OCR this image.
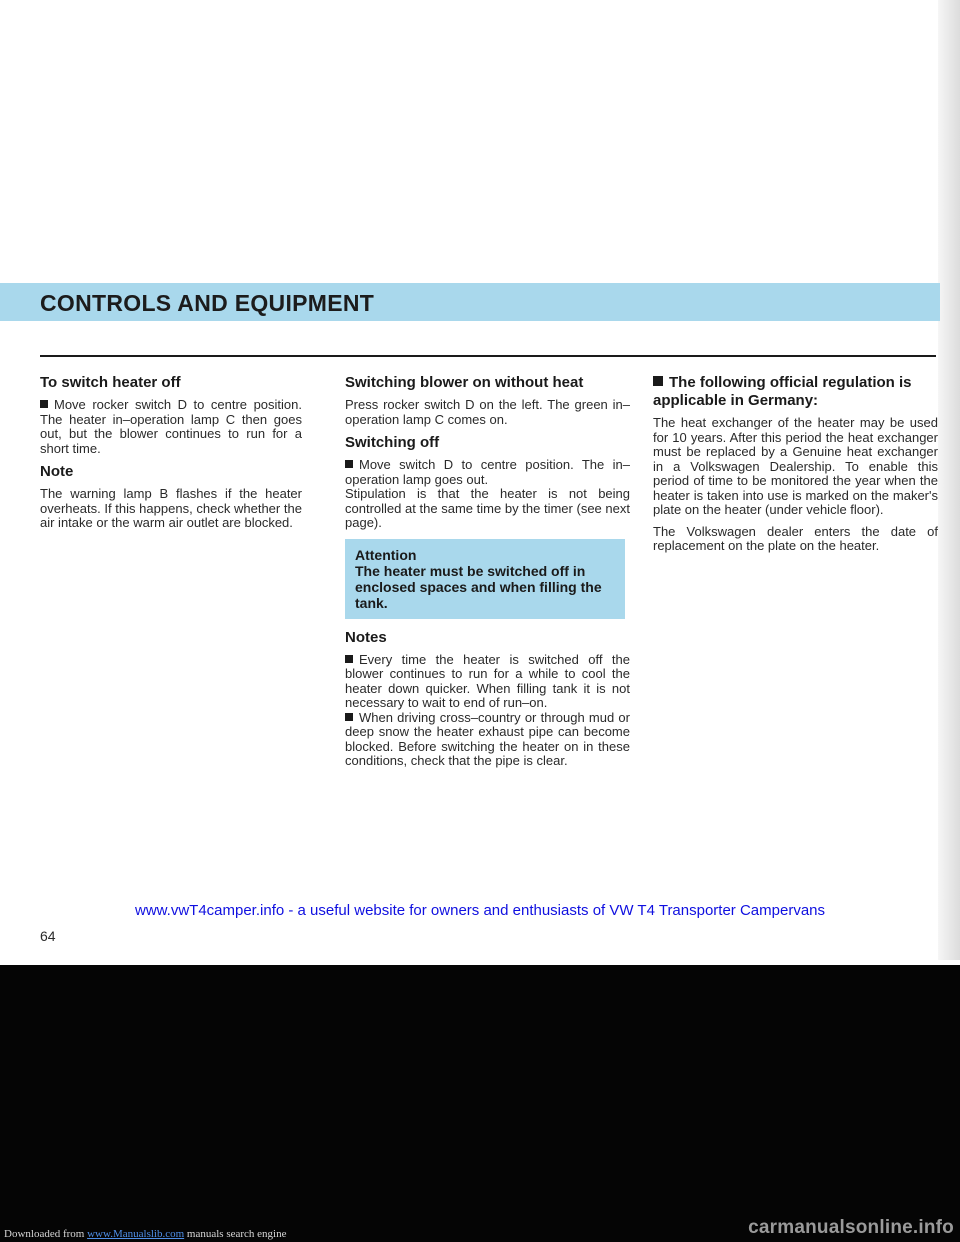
CONTROLS AND EQUIPMENT
To switch heater off

Move rocker switch D to centre position. The heater in–operation lamp C then goes out, but the blower continues to run for a short time.

Note

The warning lamp B flashes if the heater overheats. If this happens, check whether the air intake or the warm air outlet are blocked.

Switching blower on without heat

Press rocker switch D on the left. The green in–operation lamp C comes on.

Switching off

Move switch D to centre position. The in–operation lamp goes out.

Stipulation is that the heater is not being controlled at the same time by the timer (see next page).

Attention
The heater must be switched off in enclosed spaces and when filling the tank.
Notes

Every time the heater is switched off the blower continues to run for a while to cool the heater down quicker. When filling tank it is not necessary to wait to end of run–on.

When driving cross–country or through mud or deep snow the heater exhaust pipe can become blocked. Before switching the heater on in these conditions, check that the pipe is clear.

The following official regulation is applicable in Germany:

The heat exchanger of the heater may be used for 10 years. After this period the heat exchanger must be replaced by a Genuine heat exchanger in a Volkswagen Dealership. To enable this period of time to be monitored the year when the heater is taken into use is marked on the maker's plate on the heater (under vehicle floor).

The Volkswagen dealer enters the date of replacement on the plate on the heater.

www.vwT4camper.info - a useful website for owners and enthusiasts of VW T4 Transporter Campervans
64
Downloaded from www.Manualslib.com manuals search engine	carmanualsonline.info
